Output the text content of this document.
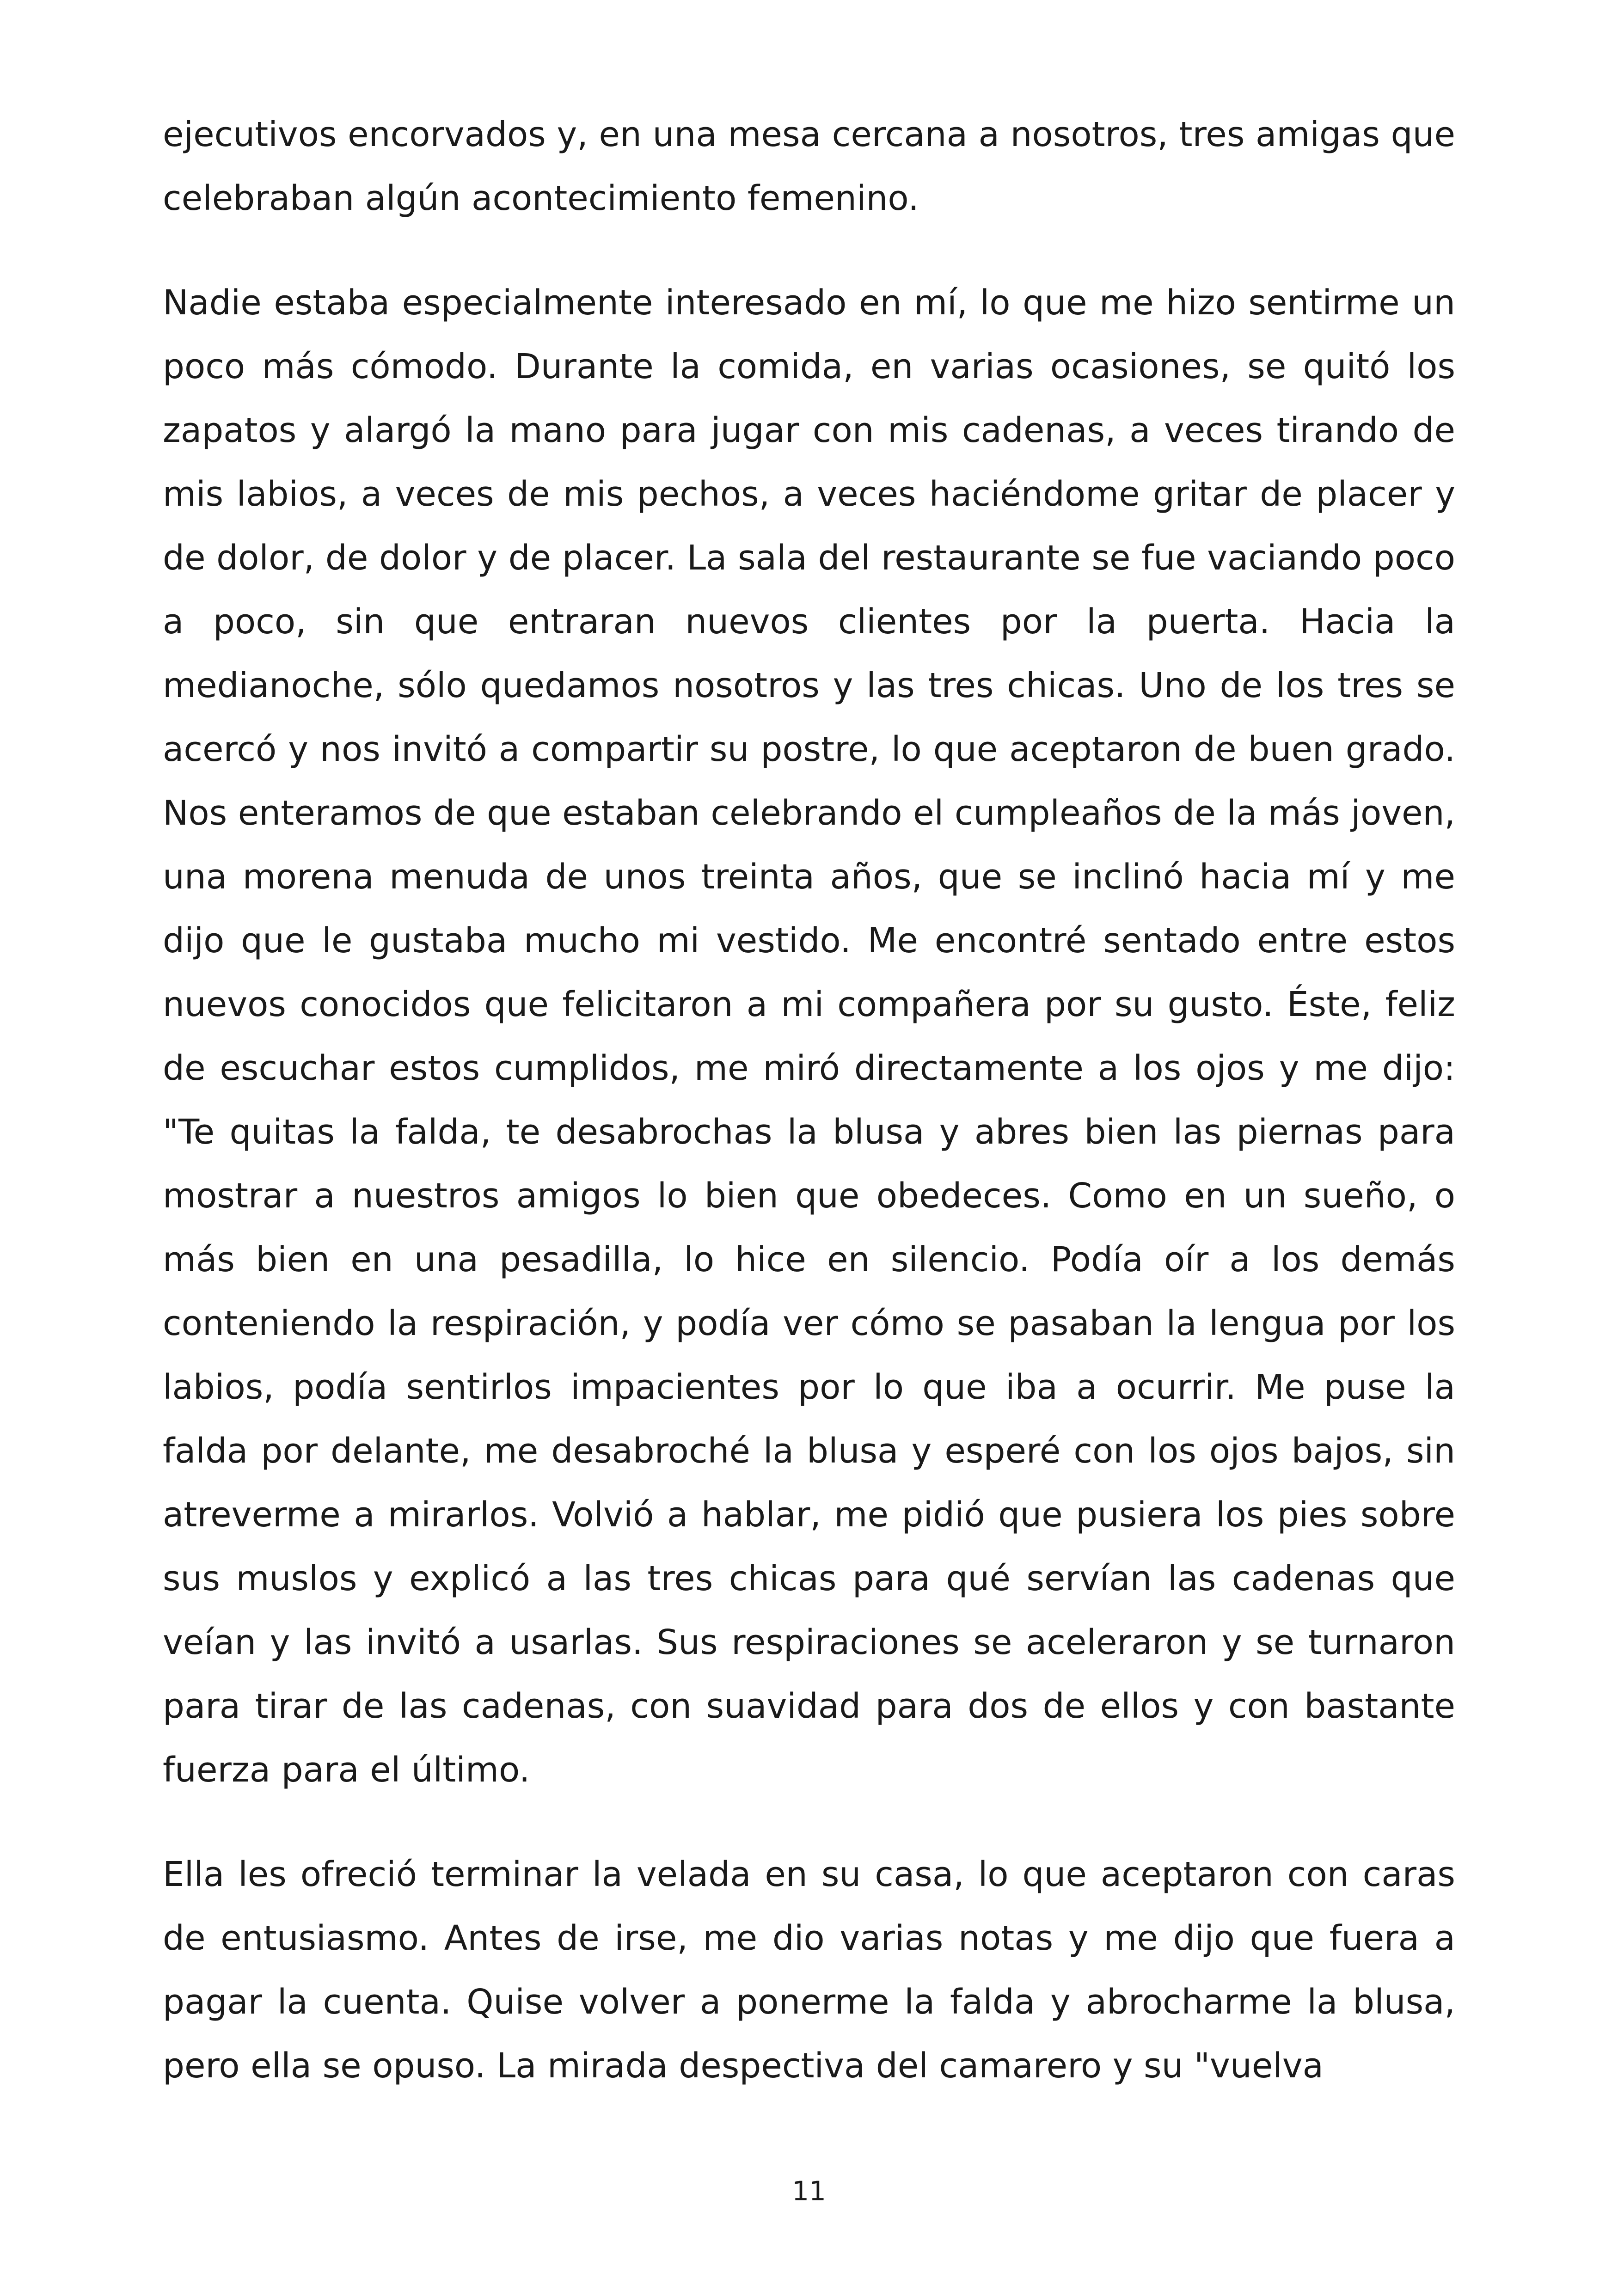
ejecutivos encorvados y, en una mesa cercana a nosotros, tres amigas que celebraban algún acontecimiento femenino.

Nadie estaba especialmente interesado en mí, lo que me hizo sentirme un poco más cómodo. Durante la comida, en varias ocasiones, se quitó los zapatos y alargó la mano para jugar con mis cadenas, a veces tirando de mis labios, a veces de mis pechos, a veces haciéndome gritar de placer y de dolor, de dolor y de placer. La sala del restaurante se fue vaciando poco a poco, sin que entraran nuevos clientes por la puerta. Hacia la medianoche, sólo quedamos nosotros y las tres chicas. Uno de los tres se acercó y nos invitó a compartir su postre, lo que aceptaron de buen grado. Nos enteramos de que estaban celebrando el cumpleaños de la más joven, una morena menuda de unos treinta años, que se inclinó hacia mí y me dijo que le gustaba mucho mi vestido. Me encontré sentado entre estos nuevos conocidos que felicitaron a mi compañera por su gusto. Éste, feliz de escuchar estos cumplidos, me miró directamente a los ojos y me dijo: "Te quitas la falda, te desabrochas la blusa y abres bien las piernas para mostrar a nuestros amigos lo bien que obedeces. Como en un sueño, o más bien en una pesadilla, lo hice en silencio. Podía oír a los demás conteniendo la respiración, y podía ver cómo se pasaban la lengua por los labios, podía sentirlos impacientes por lo que iba a ocurrir. Me puse la falda por delante, me desabroché la blusa y esperé con los ojos bajos, sin atreverme a mirarlos. Volvió a hablar, me pidió que pusiera los pies sobre sus muslos y explicó a las tres chicas para qué servían las cadenas que veían y las invitó a usarlas. Sus respiraciones se aceleraron y se turnaron para tirar de las cadenas, con suavidad para dos de ellos y con bastante fuerza para el último.

Ella les ofreció terminar la velada en su casa, lo que aceptaron con caras de entusiasmo. Antes de irse, me dio varias notas y me dijo que fuera a pagar la cuenta. Quise volver a ponerme la falda y abrocharme la blusa, pero ella se opuso. La mirada despectiva del camarero y su "vuelva

11
